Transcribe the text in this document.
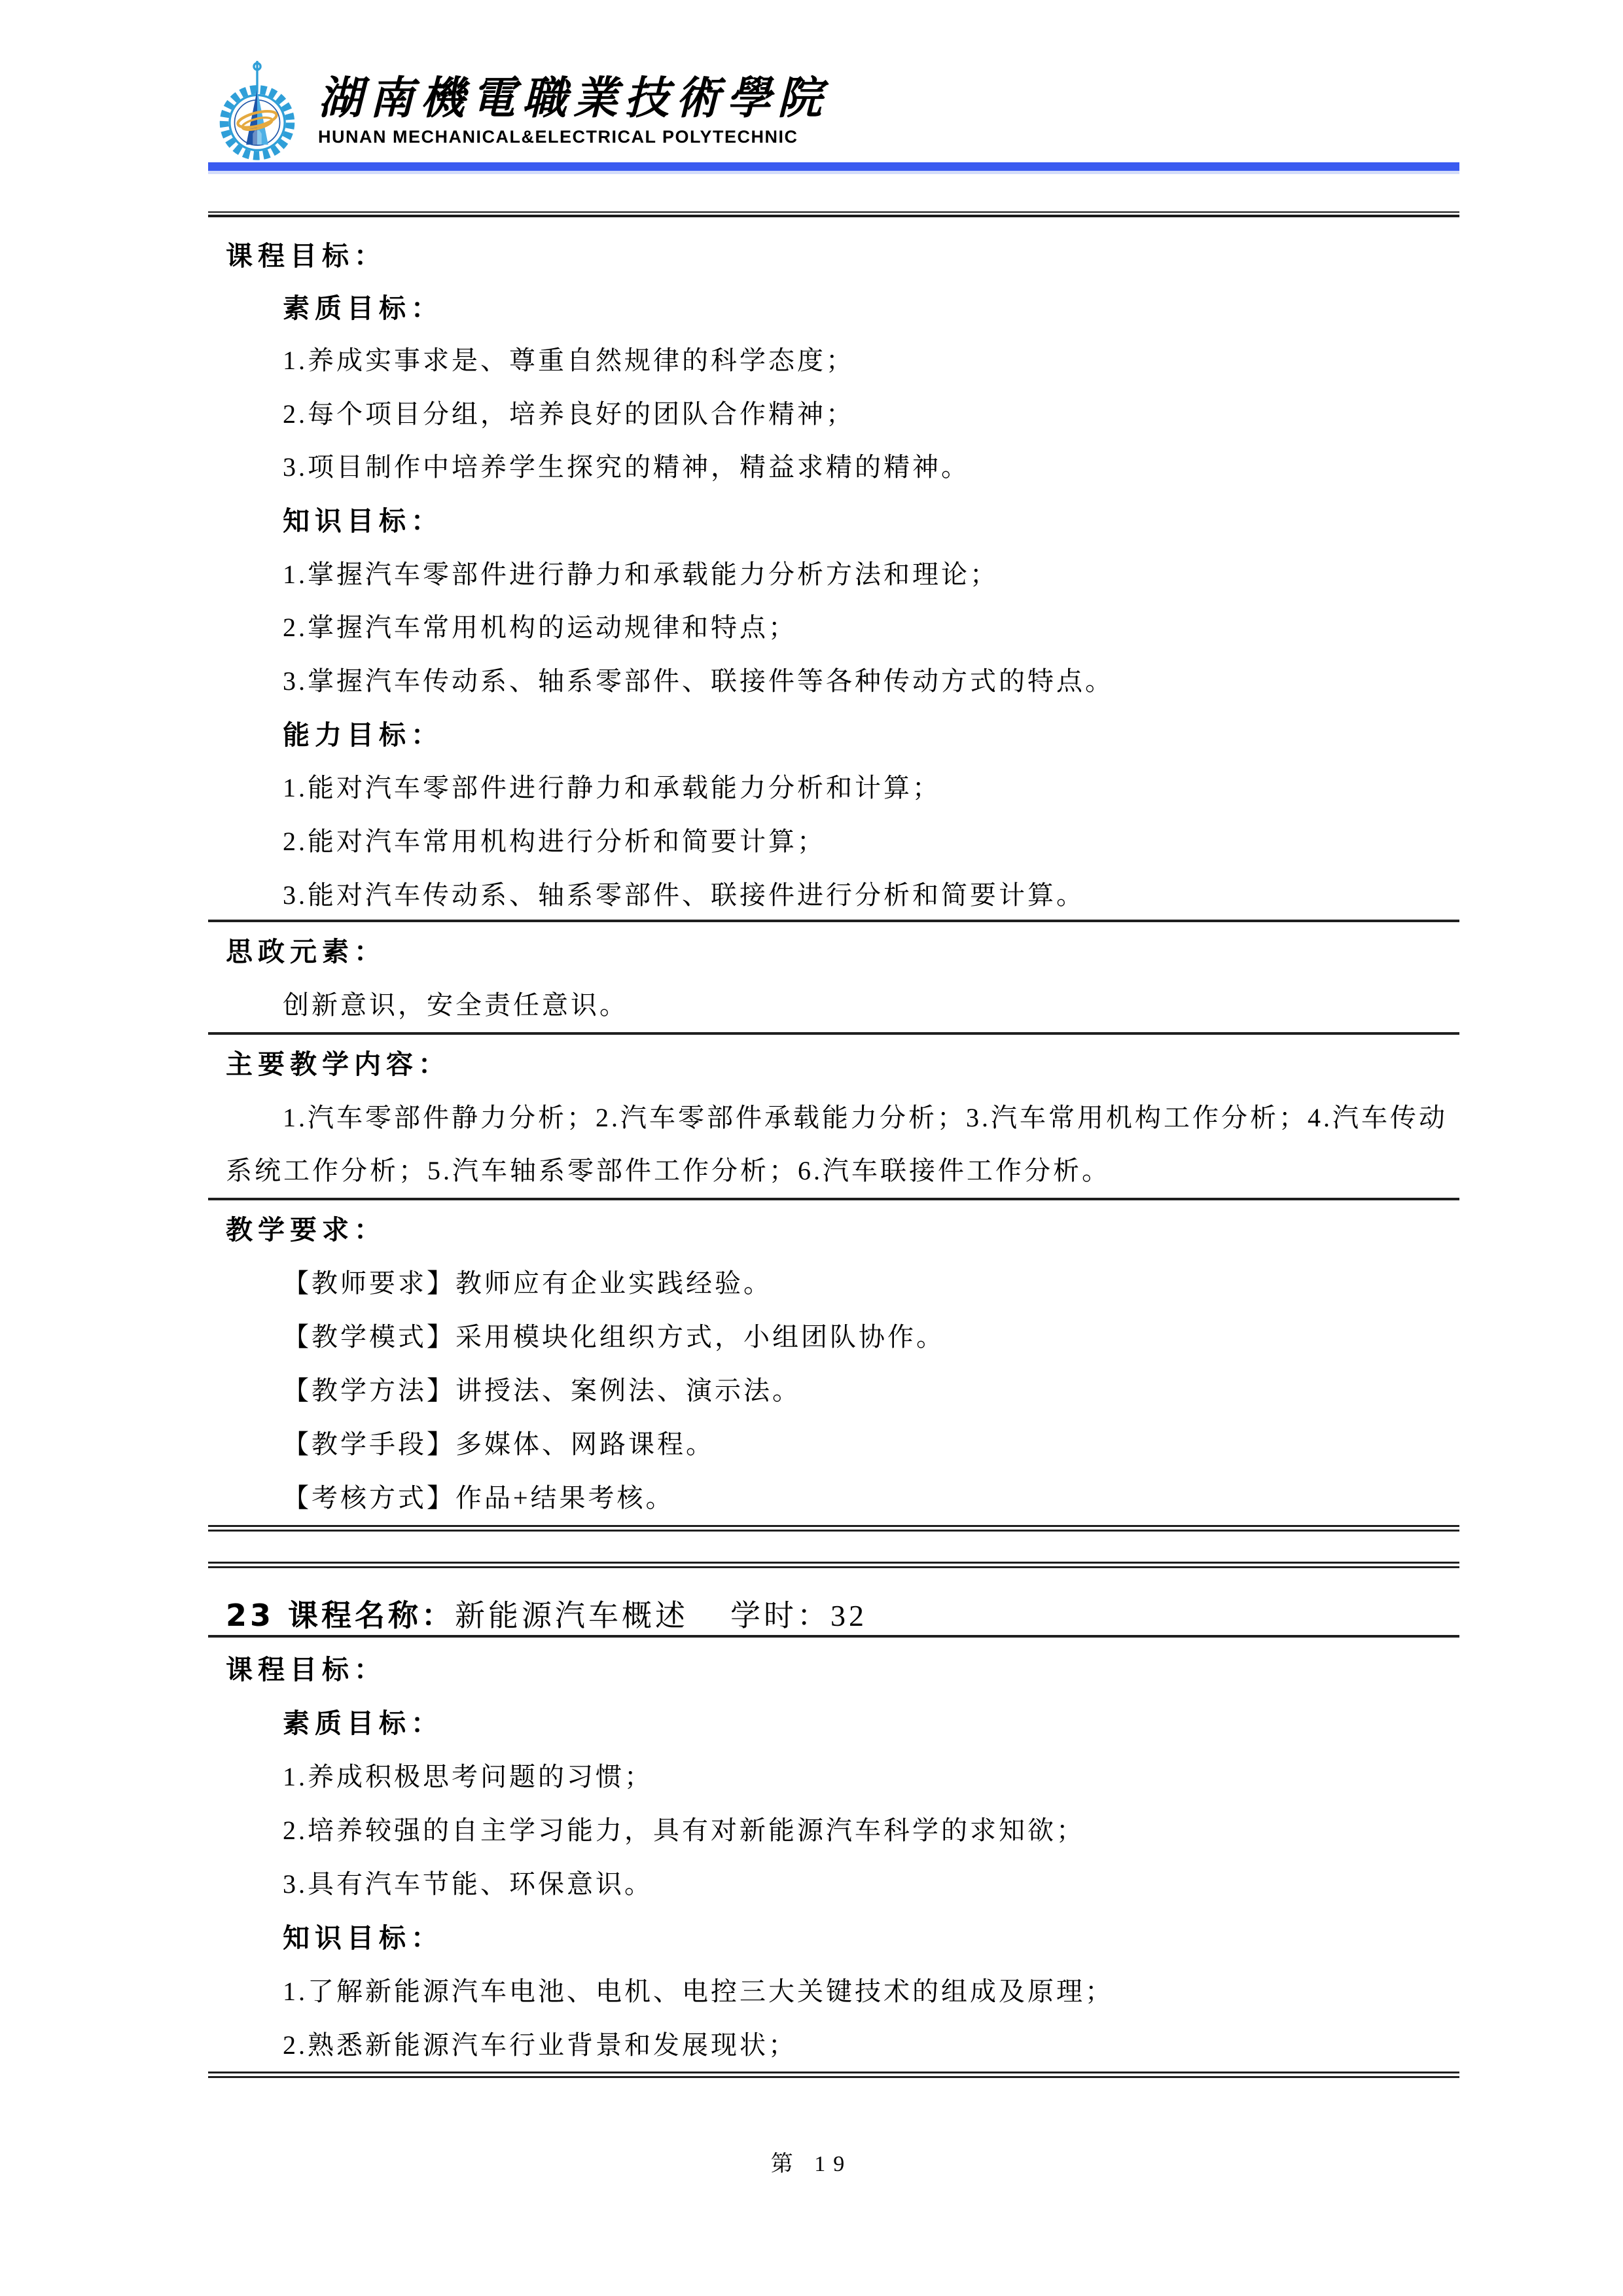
湖南機電職業技術學院
HUNAN MECHANICAL&ELECTRICAL POLYTECHNIC
课程目标：
素质目标：
1.养成实事求是、尊重自然规律的科学态度；
2.每个项目分组，培养良好的团队合作精神；
3.项目制作中培养学生探究的精神，精益求精的精神。
知识目标：
1.掌握汽车零部件进行静力和承载能力分析方法和理论；
2.掌握汽车常用机构的运动规律和特点；
3.掌握汽车传动系、轴系零部件、联接件等各种传动方式的特点。
能力目标：
1.能对汽车零部件进行静力和承载能力分析和计算；
2.能对汽车常用机构进行分析和简要计算；
3.能对汽车传动系、轴系零部件、联接件进行分析和简要计算。
思政元素：
创新意识，安全责任意识。
主要教学内容：
1.汽车零部件静力分析；2.汽车零部件承载能力分析；3.汽车常用机构工作分析；4.汽车传动
系统工作分析；5.汽车轴系零部件工作分析；6.汽车联接件工作分析。
教学要求：
【教师要求】教师应有企业实践经验。
【教学模式】采用模块化组织方式，小组团队协作。
【教学方法】讲授法、案例法、演示法。
【教学手段】多媒体、网路课程。
【考核方式】作品+结果考核。
23 课程名称：新能源汽车概述 学时：32
课程目标：
素质目标：
1.养成积极思考问题的习惯；
2.培养较强的自主学习能力，具有对新能源汽车科学的求知欲；
3.具有汽车节能、环保意识。
知识目标：
1.了解新能源汽车电池、电机、电控三大关键技术的组成及原理；
2.熟悉新能源汽车行业背景和发展现状；
第 19
